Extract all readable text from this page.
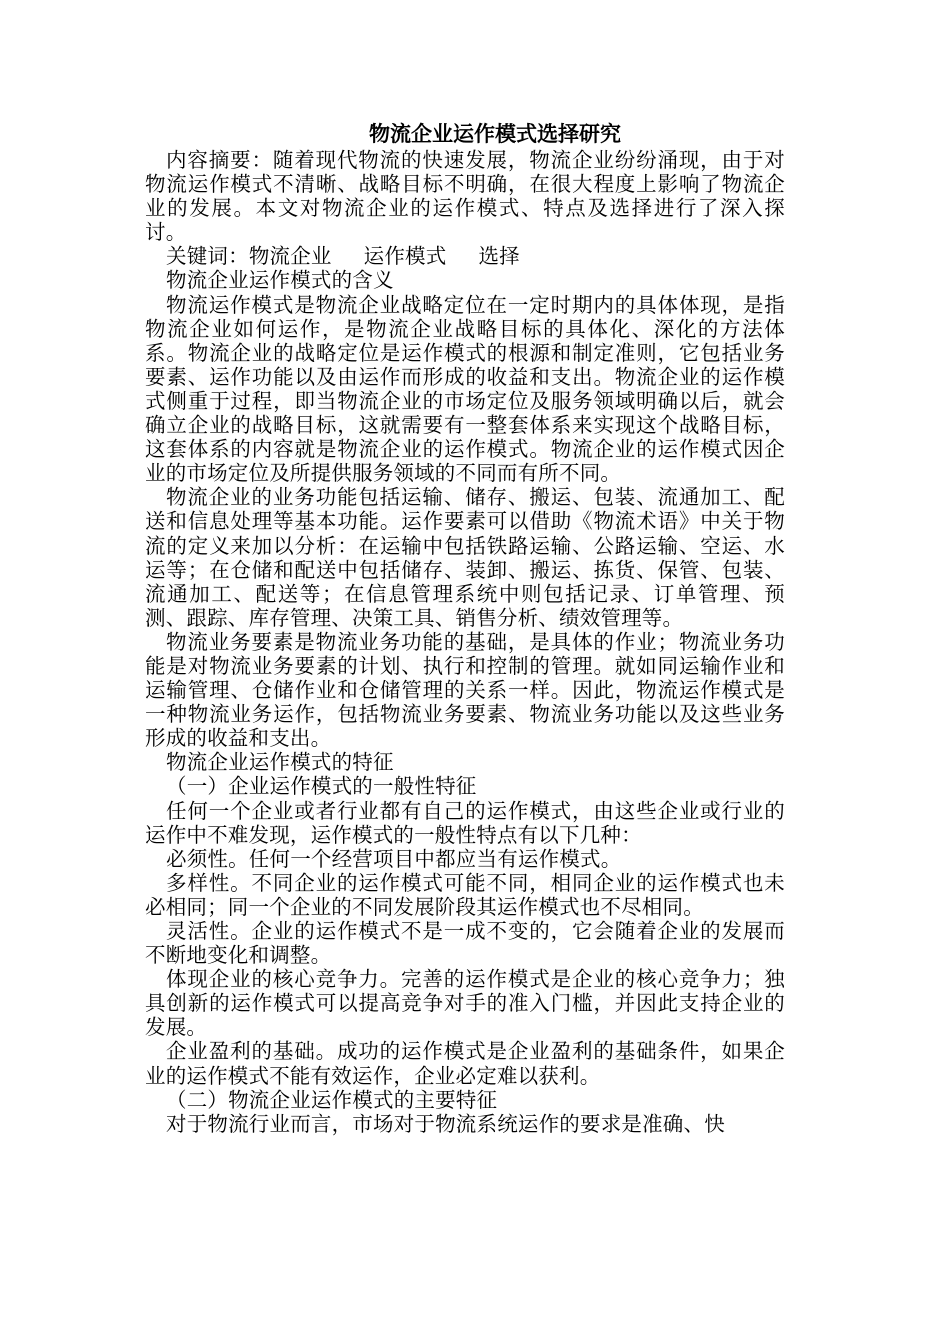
物流企业运作模式选择研究

内容摘要：随着现代物流的快速发展，物流企业纷纷涌现，由于对物流运作模式不清晰、战略目标不明确，在很大程度上影响了物流企业的发展。本文对物流企业的运作模式、特点及选择进行了深入探讨。

关键词：物流企业 运作模式 选择

物流企业运作模式的含义

物流运作模式是物流企业战略定位在一定时期内的具体体现，是指物流企业如何运作，是物流企业战略目标的具体化、深化的方法体系。物流企业的战略定位是运作模式的根源和制定准则，它包括业务要素、运作功能以及由运作而形成的收益和支出。物流企业的运作模式侧重于过程，即当物流企业的市场定位及服务领域明确以后，就会确立企业的战略目标，这就需要有一整套体系来实现这个战略目标，这套体系的内容就是物流企业的运作模式。物流企业的运作模式因企业的市场定位及所提供服务领域的不同而有所不同。

物流企业的业务功能包括运输、储存、搬运、包装、流通加工、配送和信息处理等基本功能。运作要素可以借助《物流术语》中关于物流的定义来加以分析：在运输中包括铁路运输、公路运输、空运、水运等；在仓储和配送中包括储存、装卸、搬运、拣货、保管、包装、流通加工、配送等；在信息管理系统中则包括记录、订单管理、预测、跟踪、库存管理、决策工具、销售分析、绩效管理等。

物流业务要素是物流业务功能的基础，是具体的作业；物流业务功能是对物流业务要素的计划、执行和控制的管理。就如同运输作业和运输管理、仓储作业和仓储管理的关系一样。因此，物流运作模式是一种物流业务运作，包括物流业务要素、物流业务功能以及这些业务形成的收益和支出。

物流企业运作模式的特征

（一）企业运作模式的一般性特征

任何一个企业或者行业都有自己的运作模式，由这些企业或行业的运作中不难发现，运作模式的一般性特点有以下几种：

必须性。任何一个经营项目中都应当有运作模式。

多样性。不同企业的运作模式可能不同，相同企业的运作模式也未必相同；同一个企业的不同发展阶段其运作模式也不尽相同。

灵活性。企业的运作模式不是一成不变的，它会随着企业的发展而不断地变化和调整。

体现企业的核心竞争力。完善的运作模式是企业的核心竞争力；独具创新的运作模式可以提高竞争对手的准入门槛，并因此支持企业的发展。

企业盈利的基础。成功的运作模式是企业盈利的基础条件，如果企业的运作模式不能有效运作，企业必定难以获利。

（二）物流企业运作模式的主要特征

对于物流行业而言，市场对于物流系统运作的要求是准确、快
